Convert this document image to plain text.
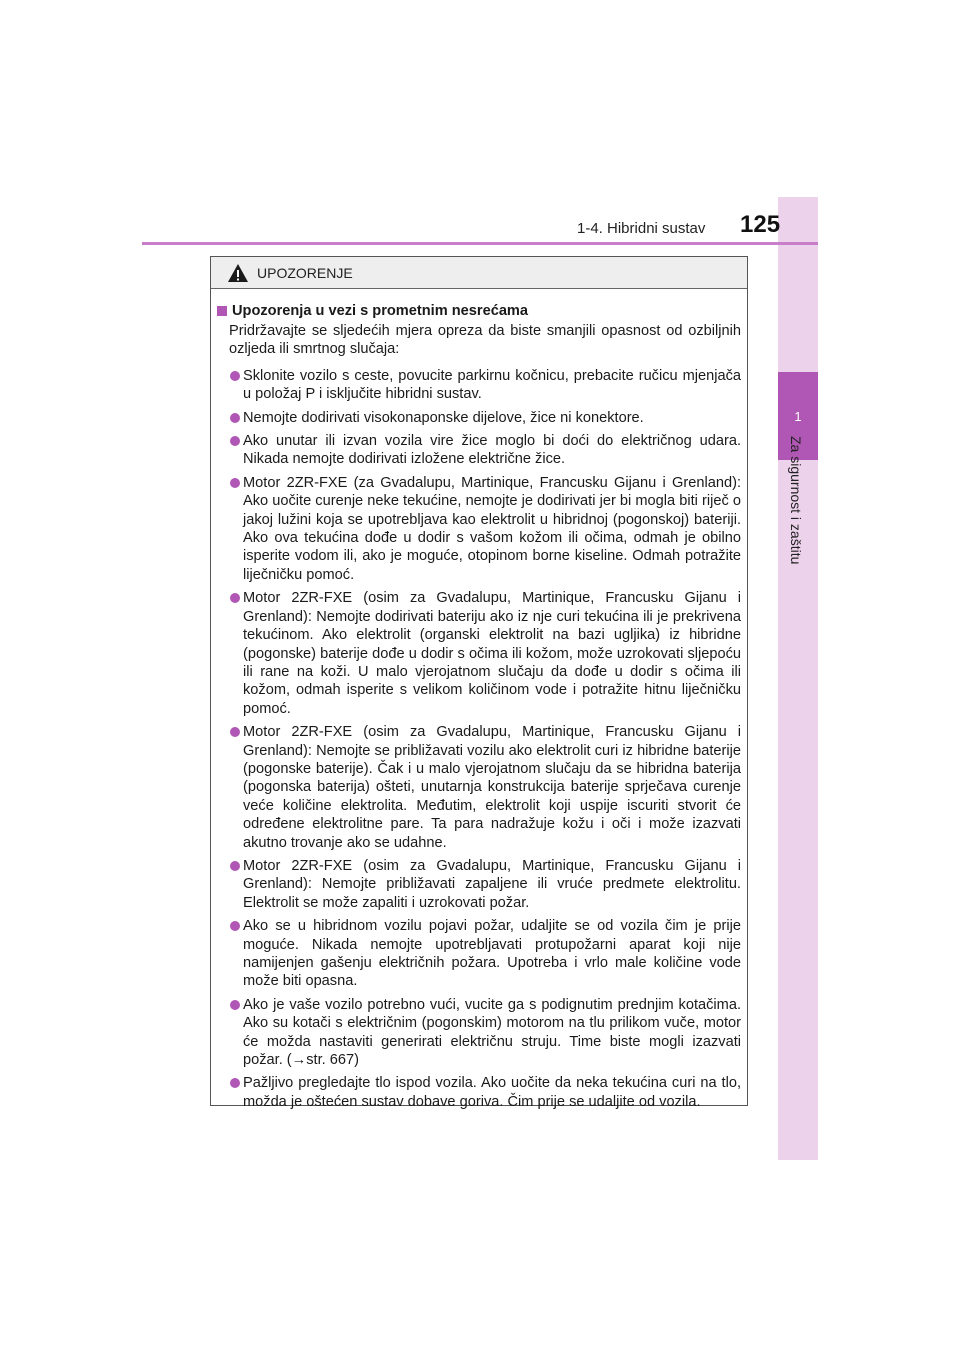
1
Za sigurnost i zaštitu
1-4. Hibridni sustav 125
UPOZORENJE
Upozorenja u vezi s prometnim nesrećama
Pridržavajte se sljedećih mjera opreza da biste smanjili opasnost od ozbiljnih ozljeda ili smrtnog slučaja:
Sklonite vozilo s ceste, povucite parkirnu kočnicu, prebacite ručicu mjenjača u položaj P i isključite hibridni sustav.
Nemojte dodirivati visokonaponske dijelove, žice ni konektore.
Ako unutar ili izvan vozila vire žice moglo bi doći do električnog udara. Nikada nemojte dodirivati izložene električne žice.
Motor 2ZR-FXE (za Gvadalupu, Martinique, Francusku Gijanu i Grenland): Ako uočite curenje neke tekućine, nemojte je dodirivati jer bi mogla biti riječ o jakoj lužini koja se upotrebljava kao elektrolit u hibridnoj (pogonskoj) bateriji. Ako ova tekućina dođe u dodir s vašom kožom ili očima, odmah je obilno isperite vodom ili, ako je moguće, otopinom borne kiseline. Odmah potražite liječničku pomoć.
Motor 2ZR-FXE (osim za Gvadalupu, Martinique, Francusku Gijanu i Grenland): Nemojte dodirivati bateriju ako iz nje curi tekućina ili je prekrivena tekućinom. Ako elektrolit (organski elektrolit na bazi ugljika) iz hibridne (pogonske) baterije dođe u dodir s očima ili kožom, može uzrokovati sljepoću ili rane na koži. U malo vjerojatnom slučaju da dođe u dodir s očima ili kožom, odmah isperite s velikom količinom vode i potražite hitnu liječničku pomoć.
Motor 2ZR-FXE (osim za Gvadalupu, Martinique, Francusku Gijanu i Grenland): Nemojte se približavati vozilu ako elektrolit curi iz hibridne baterije (pogonske baterije). Čak i u malo vjerojatnom slučaju da se hibridna baterija (pogonska baterija) ošteti, unutarnja konstrukcija baterije sprječava curenje veće količine elektrolita. Međutim, elektrolit koji uspije iscuriti stvorit će određene elektrolitne pare. Ta para nadražuje kožu i oči i može izazvati akutno trovanje ako se udahne.
Motor 2ZR-FXE (osim za Gvadalupu, Martinique, Francusku Gijanu i Grenland): Nemojte približavati zapaljene ili vruće predmete elektrolitu. Elektrolit se može zapaliti i uzrokovati požar.
Ako se u hibridnom vozilu pojavi požar, udaljite se od vozila čim je prije moguće. Nikada nemojte upotrebljavati protupožarni aparat koji nije namijenjen gašenju električnih požara. Upotreba i vrlo male količine vode može biti opasna.
Ako je vaše vozilo potrebno vući, vucite ga s podignutim prednjim kotačima. Ako su kotači s električnim (pogonskim) motorom na tlu prilikom vuče, motor će možda nastaviti generirati električnu struju. Time biste mogli izazvati požar. (→str. 667)
Pažljivo pregledajte tlo ispod vozila. Ako uočite da neka tekućina curi na tlo, možda je oštećen sustav dobave goriva. Čim prije se udaljite od vozila.
